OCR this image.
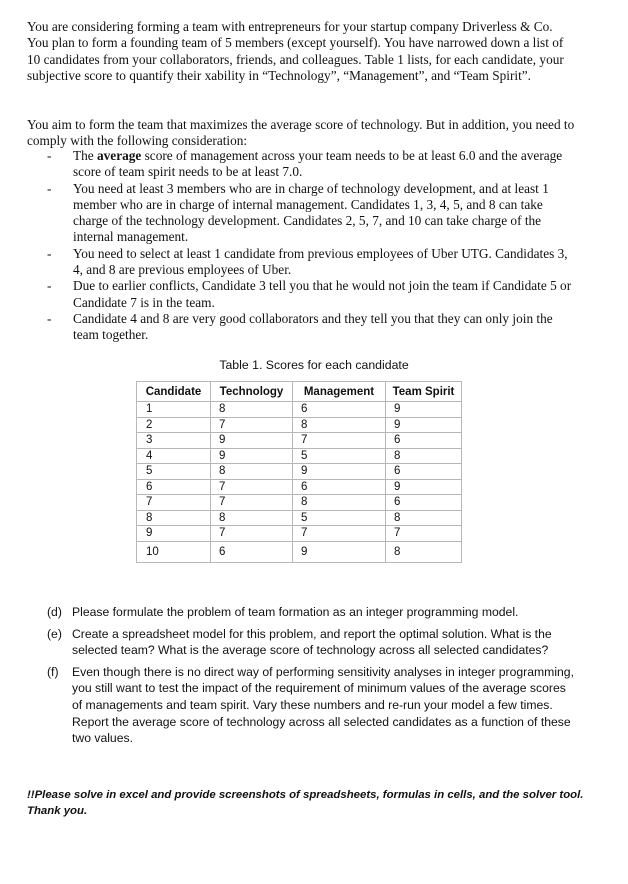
You are considering forming a team with entrepreneurs for your startup company Driverless & Co. You plan to form a founding team of 5 members (except yourself). You have narrowed down a list of 10 candidates from your collaborators, friends, and colleagues. Table 1 lists, for each candidate, your subjective score to quantify their xability in “Technology”, “Management”, and “Team Spirit”.

You aim to form the team that maximizes the average score of technology. But in addition, you need to comply with the following consideration:

- The average score of management across your team needs to be at least 6.0 and the average score of team spirit needs to be at least 7.0.
- You need at least 3 members who are in charge of technology development, and at least 1 member who are in charge of internal management. Candidates 1, 3, 4, 5, and 8 can take charge of the technology development. Candidates 2, 5, 7, and 10 can take charge of the internal management.
- You need to select at least 1 candidate from previous employees of Uber UTG. Candidates 3, 4, and 8 are previous employees of Uber.
- Due to earlier conflicts, Candidate 3 tell you that he would not join the team if Candidate 5 or Candidate 7 is in the team.
- Candidate 4 and 8 are very good collaborators and they tell you that they can only join the team together.
Table 1. Scores for each candidate
Candidate	Technology	Management	Team Spirit
1	8	6	9
2	7	8	9
3	9	7	6
4	9	5	8
5	8	9	6
6	7	6	9
7	7	8	6
8	8	5	8
9	7	7	7
10	6	9	8
(d) Please formulate the problem of team formation as an integer programming model.
(e) Create a spreadsheet model for this problem, and report the optimal solution. What is the selected team? What is the average score of technology across all selected candidates?
(f) Even though there is no direct way of performing sensitivity analyses in integer programming, you still want to test the impact of the requirement of minimum values of the average scores of managements and team spirit. Vary these numbers and re-run your model a few times. Report the average score of technology across all selected candidates as a function of these two values.
!!Please solve in excel and provide screenshots of spreadsheets, formulas in cells, and the solver tool. Thank you.
